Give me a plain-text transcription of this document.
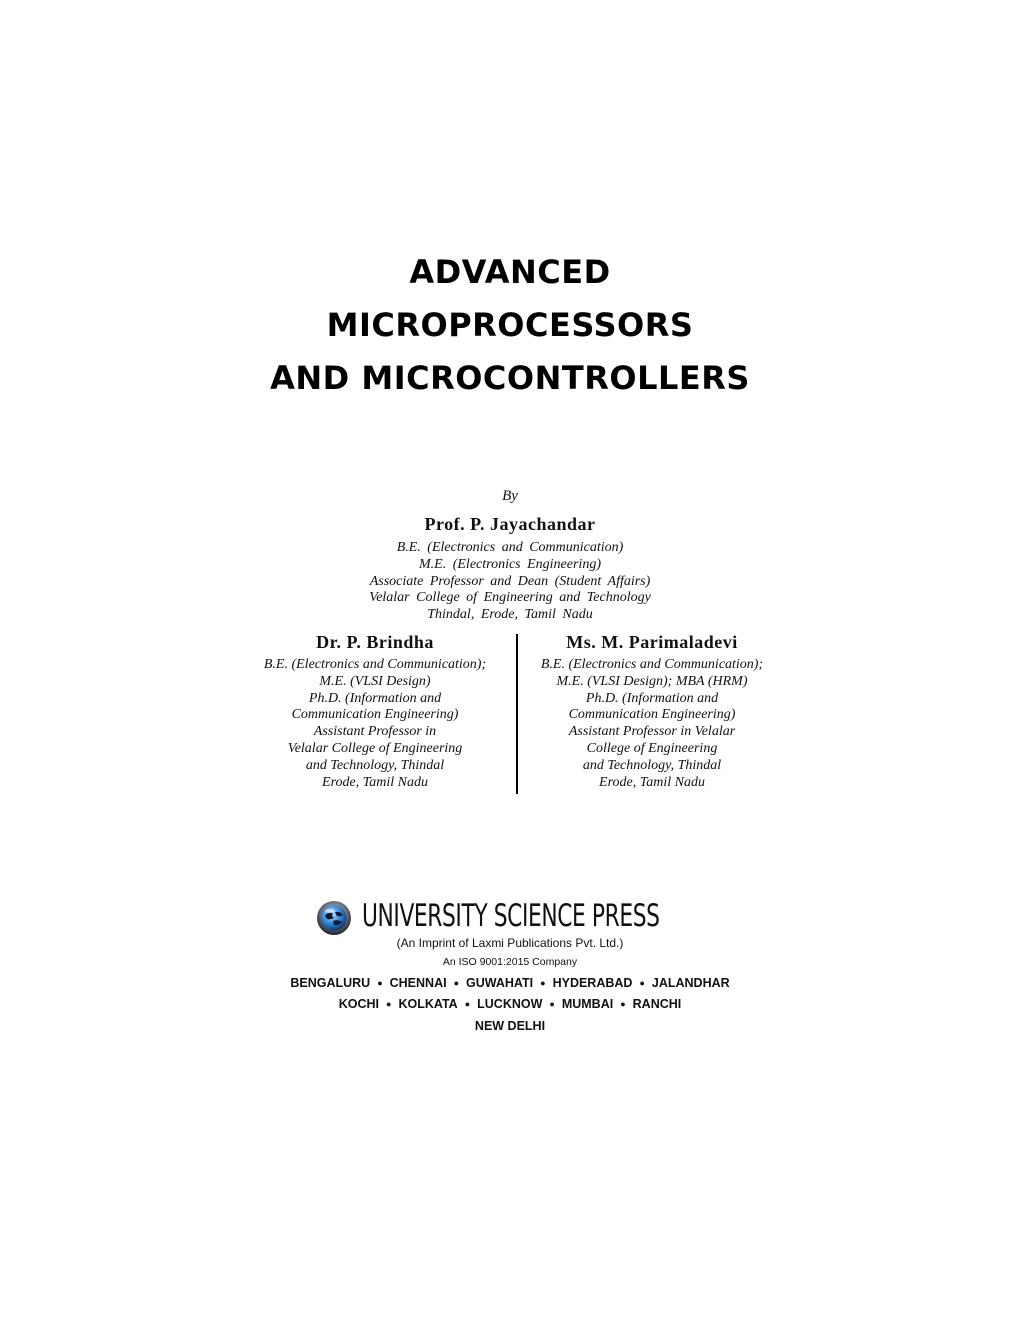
ADVANCED
MICROPROCESSORS
AND MICROCONTROLLERS
By
Prof. P. Jayachandar
B.E. (Electronics and Communication)
M.E. (Electronics Engineering)
Associate Professor and Dean (Student Affairs)
Velalar College of Engineering and Technology
Thindal, Erode, Tamil Nadu
Dr. P. Brindha
B.E. (Electronics and Communication);
M.E. (VLSI Design)
Ph.D. (Information and
Communication Engineering)
Assistant Professor in
Velalar College of Engineering
and Technology, Thindal
Erode, Tamil Nadu
Ms. M. Parimaladevi
B.E. (Electronics and Communication);
M.E. (VLSI Design); MBA (HRM)
Ph.D. (Information and
Communication Engineering)
Assistant Professor in Velalar
College of Engineering
and Technology, Thindal
Erode, Tamil Nadu
UNIVERSITY SCIENCE PRESS
(An Imprint of Laxmi Publications Pvt. Ltd.)
An ISO 9001:2015 Company
BENGALURU ● CHENNAI ● GUWAHATI ● HYDERABAD ● JALANDHAR
KOCHI ● KOLKATA ● LUCKNOW ● MUMBAI ● RANCHI
NEW DELHI
